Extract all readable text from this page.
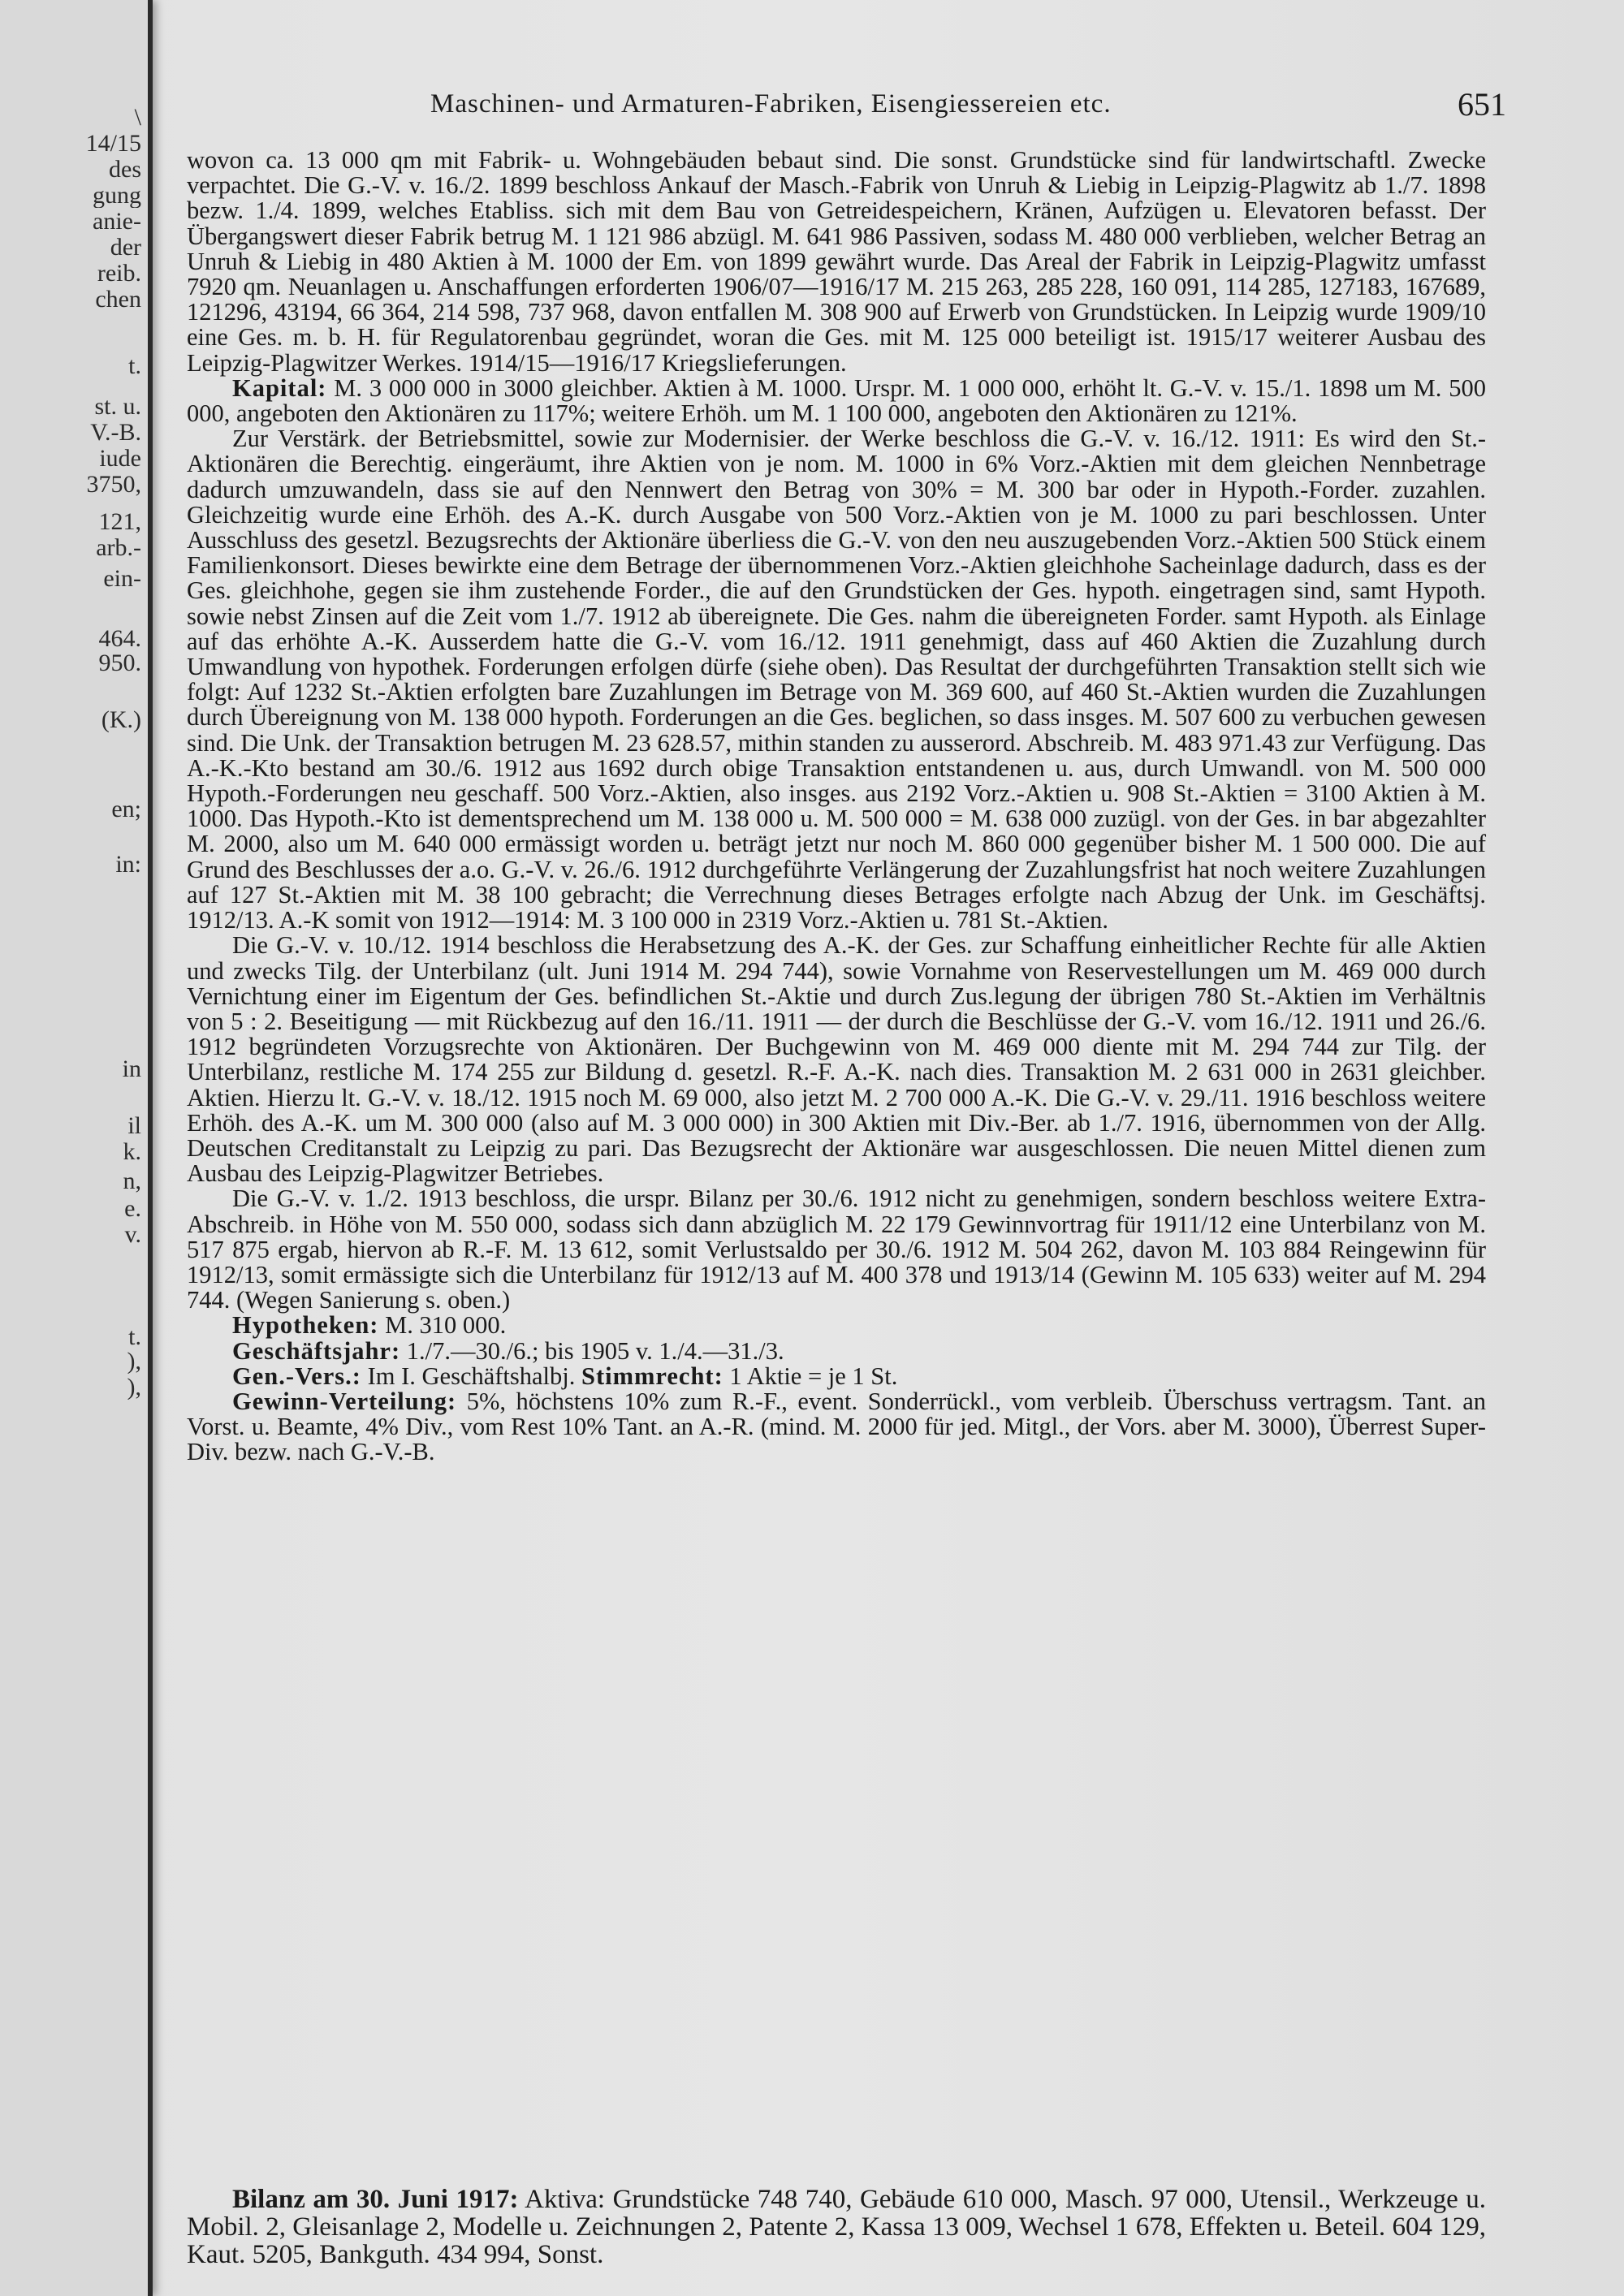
\
14/15
des
gung
anie-
der
reib.
chen
t.
st. u.
V.-B.
iude
3750,
121,
arb.-
ein-
464.
950.
(K.)
en;
in:
in
il
k.
n,
e.
v.
t.
),
),
Maschinen- und Armaturen-Fabriken, Eisengiessereien etc.	651

wovon ca. 13 000 qm mit Fabrik- u. Wohngebäuden bebaut sind. Die sonst. Grundstücke sind für landwirtschaftl. Zwecke verpachtet. Die G.-V. v. 16./2. 1899 beschloss Ankauf der Masch.-Fabrik von Unruh & Liebig in Leipzig-Plagwitz ab 1./7. 1898 bezw. 1./4. 1899, welches Etabliss. sich mit dem Bau von Getreidespeichern, Kränen, Aufzügen u. Elevatoren befasst. Der Übergangswert dieser Fabrik betrug M. 1 121 986 abzügl. M. 641 986 Passiven, sodass M. 480 000 verblieben, welcher Betrag an Unruh & Liebig in 480 Aktien à M. 1000 der Em. von 1899 gewährt wurde. Das Areal der Fabrik in Leipzig-Plagwitz umfasst 7920 qm. Neuanlagen u. Anschaffungen erforderten 1906/07—1916/17 M. 215 263, 285 228, 160 091, 114 285, 127183, 167689, 121296, 43194, 66 364, 214 598, 737 968, davon entfallen M. 308 900 auf Erwerb von Grundstücken. In Leipzig wurde 1909/10 eine Ges. m. b. H. für Regulatorenbau gegründet, woran die Ges. mit M. 125 000 beteiligt ist. 1915/17 weiterer Ausbau des Leipzig-Plagwitzer Werkes. 1914/15—1916/17 Kriegslieferungen.

Kapital: M. 3 000 000 in 3000 gleichber. Aktien à M. 1000. Urspr. M. 1 000 000, erhöht lt. G.-V. v. 15./1. 1898 um M. 500 000, angeboten den Aktionären zu 117%; weitere Erhöh. um M. 1 100 000, angeboten den Aktionären zu 121%.

Zur Verstärk. der Betriebsmittel, sowie zur Modernisier. der Werke beschloss die G.-V. v. 16./12. 1911: Es wird den St.-Aktionären die Berechtig. eingeräumt, ihre Aktien von je nom. M. 1000 in 6% Vorz.-Aktien mit dem gleichen Nennbetrage dadurch umzuwandeln, dass sie auf den Nennwert den Betrag von 30% = M. 300 bar oder in Hypoth.-Forder. zuzahlen. Gleichzeitig wurde eine Erhöh. des A.-K. durch Ausgabe von 500 Vorz.-Aktien von je M. 1000 zu pari beschlossen. Unter Ausschluss des gesetzl. Bezugsrechts der Aktionäre überliess die G.-V. von den neu auszugebenden Vorz.-Aktien 500 Stück einem Familienkonsort. Dieses bewirkte eine dem Betrage der übernommenen Vorz.-Aktien gleichhohe Sacheinlage dadurch, dass es der Ges. gleichhohe, gegen sie ihm zustehende Forder., die auf den Grundstücken der Ges. hypoth. eingetragen sind, samt Hypoth. sowie nebst Zinsen auf die Zeit vom 1./7. 1912 ab übereignete. Die Ges. nahm die übereigneten Forder. samt Hypoth. als Einlage auf das erhöhte A.-K. Ausserdem hatte die G.-V. vom 16./12. 1911 genehmigt, dass auf 460 Aktien die Zuzahlung durch Umwandlung von hypothek. Forderungen erfolgen dürfe (siehe oben). Das Resultat der durchgeführten Transaktion stellt sich wie folgt: Auf 1232 St.-Aktien erfolgten bare Zuzahlungen im Betrage von M. 369 600, auf 460 St.-Aktien wurden die Zuzahlungen durch Übereignung von M. 138 000 hypoth. Forderungen an die Ges. beglichen, so dass insges. M. 507 600 zu verbuchen gewesen sind. Die Unk. der Transaktion betrugen M. 23 628.57, mithin standen zu ausserord. Abschreib. M. 483 971.43 zur Verfügung. Das A.-K.-Kto bestand am 30./6. 1912 aus 1692 durch obige Transaktion entstandenen u. aus, durch Umwandl. von M. 500 000 Hypoth.-Forderungen neu geschaff. 500 Vorz.-Aktien, also insges. aus 2192 Vorz.-Aktien u. 908 St.-Aktien = 3100 Aktien à M. 1000. Das Hypoth.-Kto ist dementsprechend um M. 138 000 u. M. 500 000 = M. 638 000 zuzügl. von der Ges. in bar abgezahlter M. 2000, also um M. 640 000 ermässigt worden u. beträgt jetzt nur noch M. 860 000 gegenüber bisher M. 1 500 000. Die auf Grund des Beschlusses der a.o. G.-V. v. 26./6. 1912 durchgeführte Verlängerung der Zuzahlungsfrist hat noch weitere Zuzahlungen auf 127 St.-Aktien mit M. 38 100 gebracht; die Verrechnung dieses Betrages erfolgte nach Abzug der Unk. im Geschäftsj. 1912/13. A.-K somit von 1912—1914: M. 3 100 000 in 2319 Vorz.-Aktien u. 781 St.-Aktien.

Die G.-V. v. 10./12. 1914 beschloss die Herabsetzung des A.-K. der Ges. zur Schaffung einheitlicher Rechte für alle Aktien und zwecks Tilg. der Unterbilanz (ult. Juni 1914 M. 294 744), sowie Vornahme von Reservestellungen um M. 469 000 durch Vernichtung einer im Eigentum der Ges. befindlichen St.-Aktie und durch Zus.legung der übrigen 780 St.-Aktien im Verhältnis von 5 : 2. Beseitigung — mit Rückbezug auf den 16./11. 1911 — der durch die Beschlüsse der G.-V. vom 16./12. 1911 und 26./6. 1912 begründeten Vorzugsrechte von Aktionären. Der Buchgewinn von M. 469 000 diente mit M. 294 744 zur Tilg. der Unterbilanz, restliche M. 174 255 zur Bildung d. gesetzl. R.-F. A.-K. nach dies. Transaktion M. 2 631 000 in 2631 gleichber. Aktien. Hierzu lt. G.-V. v. 18./12. 1915 noch M. 69 000, also jetzt M. 2 700 000 A.-K. Die G.-V. v. 29./11. 1916 beschloss weitere Erhöh. des A.-K. um M. 300 000 (also auf M. 3 000 000) in 300 Aktien mit Div.-Ber. ab 1./7. 1916, übernommen von der Allg. Deutschen Creditanstalt zu Leipzig zu pari. Das Bezugsrecht der Aktionäre war ausgeschlossen. Die neuen Mittel dienen zum Ausbau des Leipzig-Plagwitzer Betriebes.

Die G.-V. v. 1./2. 1913 beschloss, die urspr. Bilanz per 30./6. 1912 nicht zu genehmigen, sondern beschloss weitere Extra-Abschreib. in Höhe von M. 550 000, sodass sich dann abzüglich M. 22 179 Gewinnvortrag für 1911/12 eine Unterbilanz von M. 517 875 ergab, hiervon ab R.-F. M. 13 612, somit Verlustsaldo per 30./6. 1912 M. 504 262, davon M. 103 884 Reingewinn für 1912/13, somit ermässigte sich die Unterbilanz für 1912/13 auf M. 400 378 und 1913/14 (Gewinn M. 105 633) weiter auf M. 294 744. (Wegen Sanierung s. oben.)

Hypotheken: M. 310 000.

Geschäftsjahr: 1./7.—30./6.; bis 1905 v. 1./4.—31./3.

Gen.-Vers.: Im I. Geschäftshalbj. Stimmrecht: 1 Aktie = je 1 St.

Gewinn-Verteilung: 5%, höchstens 10% zum R.-F., event. Sonderrückl., vom verbleib. Überschuss vertragsm. Tant. an Vorst. u. Beamte, 4% Div., vom Rest 10% Tant. an A.-R. (mind. M. 2000 für jed. Mitgl., der Vors. aber M. 3000), Überrest Super-Div. bezw. nach G.-V.-B.

Bilanz am 30. Juni 1917: Aktiva: Grundstücke 748 740, Gebäude 610 000, Masch. 97 000, Utensil., Werkzeuge u. Mobil. 2, Gleisanlage 2, Modelle u. Zeichnungen 2, Patente 2, Kassa 13 009, Wechsel 1 678, Effekten u. Beteil. 604 129, Kaut. 5205, Bankguth. 434 994, Sonst.
